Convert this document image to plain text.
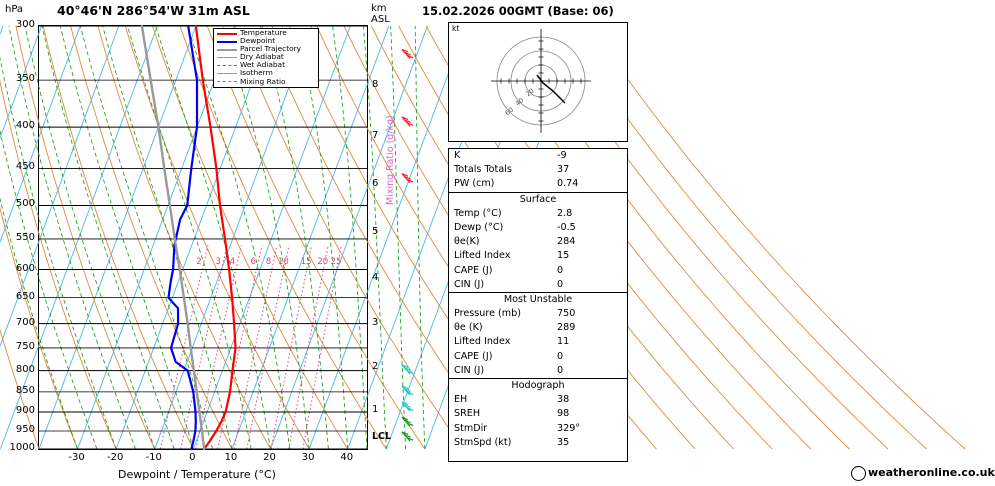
hPa	40°46'N 286°54'W 31m ASL	km
ASL
300
350
400
450
500
550
600
650
700
750
800
850
900
950
1000
-30	-20	-10	0	10	20	30	40
1
2
3
4
5
6
7
8
2 3 4 6 8 10 15 20 25
Dewpoint / Temperature (°C)
Mixing Ratio (g/kg)
LCL
Temperature
Dewpoint
Parcel Trajectory
Dry Adiabat
Wet Adiabat
Isotherm
Mixing Ratio
15.02.2026 00GMT (Base: 06)
kt
20
40
60
K	-9
Totals Totals	37
PW (cm)	0.74
Surface
Temp (°C)	2.8
Dewp (°C)	-0.5
θe(K)	284
Lifted Index	15
CAPE (J)	0
CIN (J)	0
Most Unstable
Pressure (mb)	750
θe (K)	289
Lifted Index	11
CAPE (J)	0
CIN (J)	0
Hodograph
EH	38
SREH	98
StmDir	329°
StmSpd (kt)	35
weatheronline.co.uk
